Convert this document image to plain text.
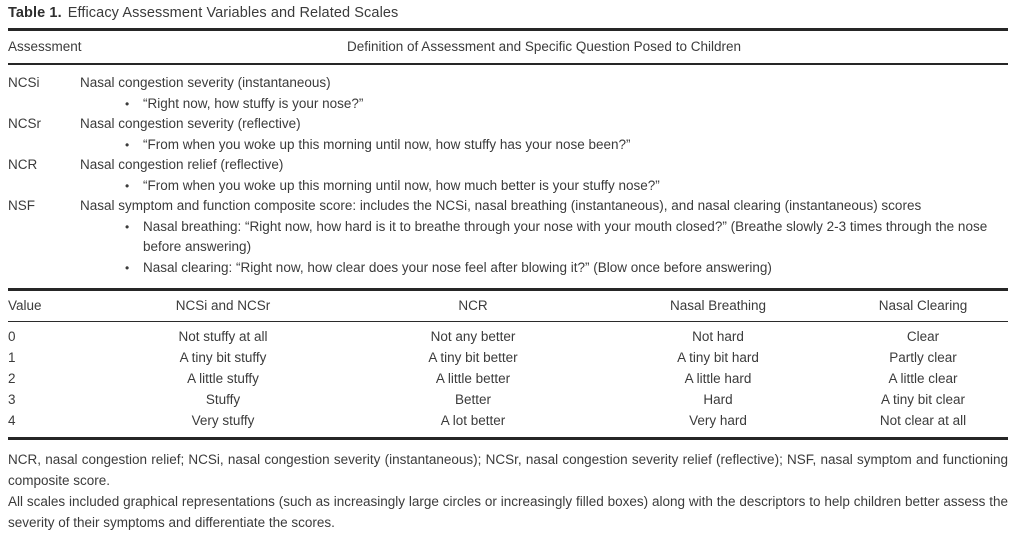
Table 1. Efficacy Assessment Variables and Related Scales
Assessment	Definition of Assessment and Specific Question Posed to Children
NCSi	Nasal congestion severity (instantaneous)
•	“Right now, how stuffy is your nose?”
NCSr	Nasal congestion severity (reflective)
•	“From when you woke up this morning until now, how stuffy has your nose been?”
NCR	Nasal congestion relief (reflective)
•	“From when you woke up this morning until now, how much better is your stuffy nose?”
NSF	Nasal symptom and function composite score: includes the NCSi, nasal breathing (instantaneous), and nasal clearing (instantaneous) scores
•	Nasal breathing: “Right now, how hard is it to breathe through your nose with your mouth closed?” (Breathe slowly 2-3 times through the nose before answering)
•	Nasal clearing: “Right now, how clear does your nose feel after blowing it?” (Blow once before answering)
Value	NCSi and NCSr	NCR	Nasal Breathing	Nasal Clearing
0	Not stuffy at all	Not any better	Not hard	Clear
1	A tiny bit stuffy	A tiny bit better	A tiny bit hard	Partly clear
2	A little stuffy	A little better	A little hard	A little clear
3	Stuffy	Better	Hard	A tiny bit clear
4	Very stuffy	A lot better	Very hard	Not clear at all

NCR, nasal congestion relief; NCSi, nasal congestion severity (instantaneous); NCSr, nasal congestion severity relief (reflective); NSF, nasal symptom and functioning composite score.

All scales included graphical representations (such as increasingly large circles or increasingly filled boxes) along with the descriptors to help children better assess the severity of their symptoms and differentiate the scores.
